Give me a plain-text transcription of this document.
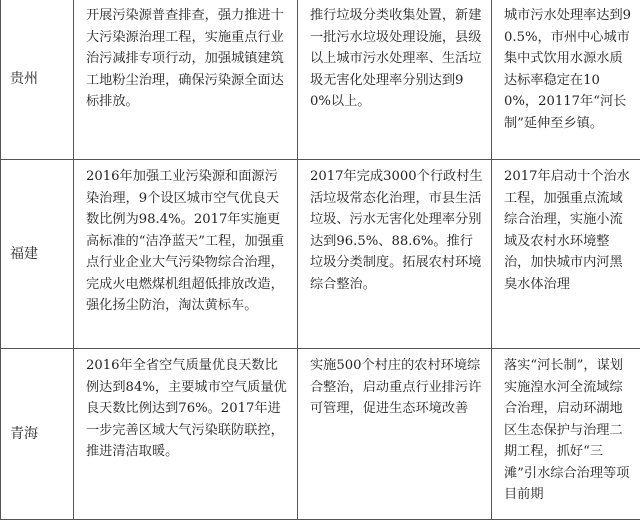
贵州	开展污染源普查排查，强力推进十大污染源治理工程，实施重点行业治污减排专项行动，加强城镇建筑工地粉尘治理，确保污染源全面达标排放。	推行垃圾分类收集处置，新建一批污水垃圾处理设施，县级以上城市污水处理率、生活垃圾无害化处理率分别达到90%以上。	城市污水处理率达到90.5%，市州中心城市集中式饮用水源水质达标率稳定在100%，20117年“河长制”延伸至乡镇。

福建	2016年加强工业污染源和面源污染治理，9个设区城市空气优良天数比例为98.4%。2017年实施更高标准的“洁净蓝天”工程，加强重点行业企业大气污染物综合治理，完成火电燃煤机组超低排放改造，强化扬尘防治，淘汰黄标车。	2017年完成3000个行政村生活垃圾常态化治理，市县生活垃圾、污水无害化处理率分别达到96.5%、88.6%。推行垃圾分类制度。拓展农村环境综合整治。	2017年启动十个治水工程，加强重点流域综合治理，实施小流域及农村水环境整治，加快城市内河黑臭水体治理

青海	2016年全省空气质量优良天数比例达到84%，主要城市空气质量优良天数比例达到76%。2017年进一步完善区域大气污染联防联控，推进清洁取暖。	实施500个村庄的农村环境综合整治，启动重点行业排污许可管理，促进生态环境改善	落实“河长制”，谋划实施湟水河全流域综合治理，启动环湖地区生态保护与治理二期工程，抓好“三滩”引水综合治理等项目前期
